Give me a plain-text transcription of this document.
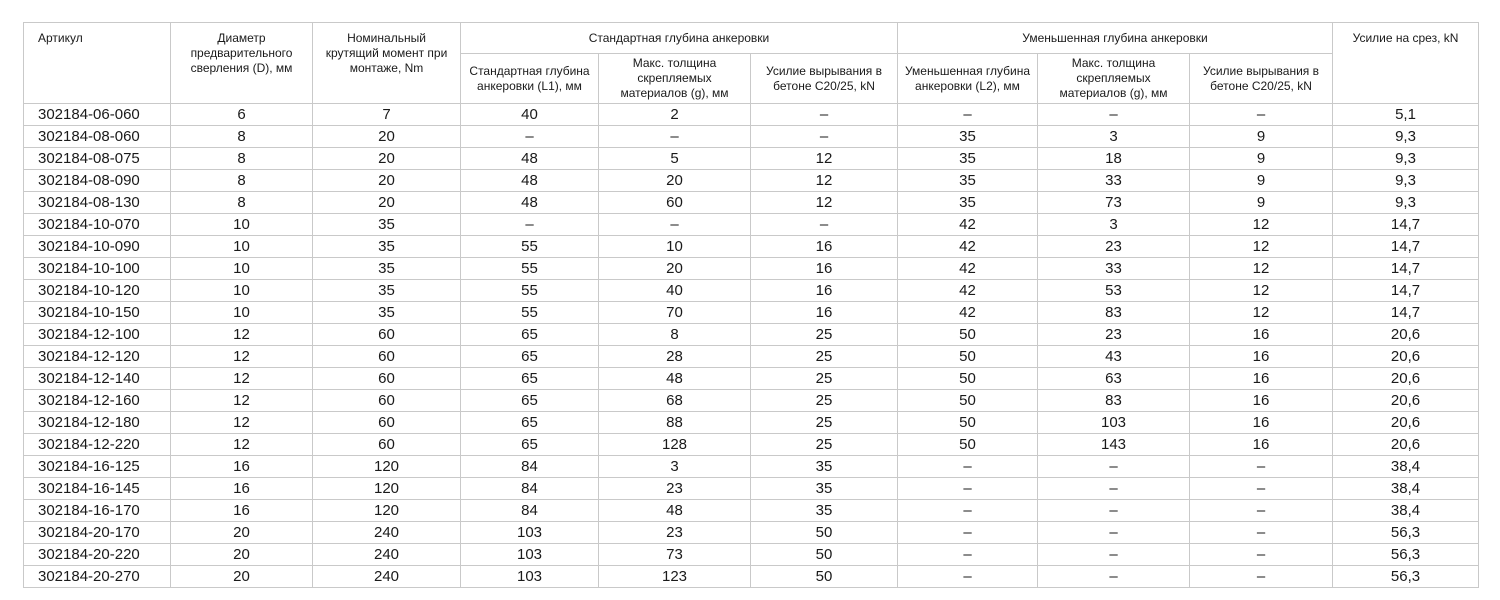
Артикул	Диаметр предварительного сверления (D), мм	Номинальный крутящий момент при монтаже, Nm	Стандартная глубина анкеровки			Уменьшенная глубина анкеровки			Усилие на срез, kN
			Стандартная глубина анкеровки (L1), мм	Макс. толщина скрепляемых материалов (g), мм	Усилие вырывания в бетоне C20/25, kN	Уменьшенная глубина анкеровки (L2), мм	Макс. толщина скрепляемых материалов (g), мм	Усилие вырывания в бетоне C20/25, kN	
302184-06-060	6	7	40	2	–	–	–	–	5,1
302184-08-060	8	20	–	–	–	35	3	9	9,3
302184-08-075	8	20	48	5	12	35	18	9	9,3
302184-08-090	8	20	48	20	12	35	33	9	9,3
302184-08-130	8	20	48	60	12	35	73	9	9,3
302184-10-070	10	35	–	–	–	42	3	12	14,7
302184-10-090	10	35	55	10	16	42	23	12	14,7
302184-10-100	10	35	55	20	16	42	33	12	14,7
302184-10-120	10	35	55	40	16	42	53	12	14,7
302184-10-150	10	35	55	70	16	42	83	12	14,7
302184-12-100	12	60	65	8	25	50	23	16	20,6
302184-12-120	12	60	65	28	25	50	43	16	20,6
302184-12-140	12	60	65	48	25	50	63	16	20,6
302184-12-160	12	60	65	68	25	50	83	16	20,6
302184-12-180	12	60	65	88	25	50	103	16	20,6
302184-12-220	12	60	65	128	25	50	143	16	20,6
302184-16-125	16	120	84	3	35	–	–	–	38,4
302184-16-145	16	120	84	23	35	–	–	–	38,4
302184-16-170	16	120	84	48	35	–	–	–	38,4
302184-20-170	20	240	103	23	50	–	–	–	56,3
302184-20-220	20	240	103	73	50	–	–	–	56,3
302184-20-270	20	240	103	123	50	–	–	–	56,3
